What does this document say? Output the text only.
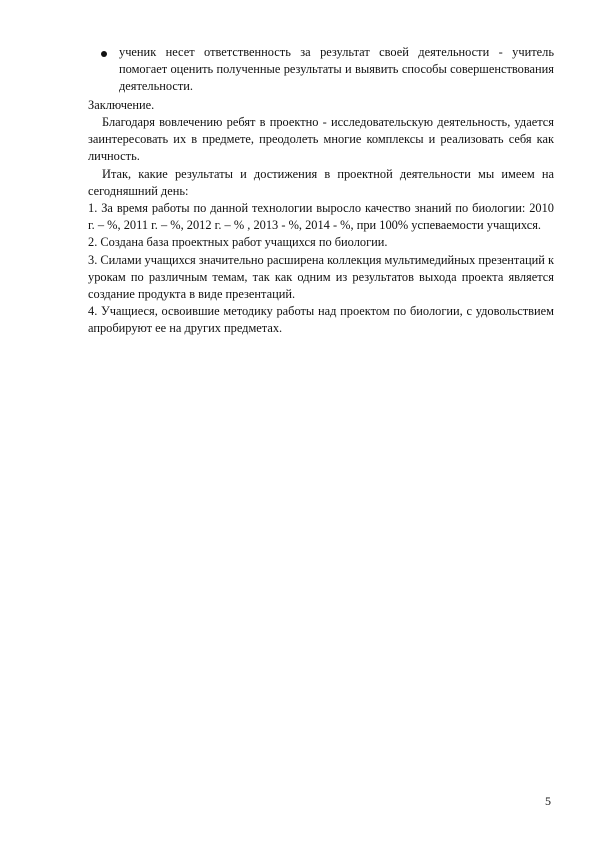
ученик несет ответственность за результат своей деятельности - учитель помогает оценить полученные результаты и выявить способы совершенствования деятельности.
Заключение.

Благодаря вовлечению ребят в проектно - исследовательскую деятельность, удается заинтересовать их в предмете, преодолеть многие комплексы и реализовать себя как личность.

Итак, какие результаты и достижения в проектной деятельности мы имеем на сегодняшний день:

1. За время работы по данной технологии выросло качество знаний по биологии: 2010 г. – %, 2011 г. – %, 2012 г. – % , 2013 - %, 2014 - %, при 100% успеваемости учащихся.

2. Создана база проектных работ учащихся по биологии.

3. Силами учащихся значительно расширена коллекция мультимедийных презентаций к урокам по различным темам, так как одним из результатов выхода проекта является создание продукта в виде презентаций.

4. Учащиеся, освоившие методику работы над проектом по биологии, с удовольствием апробируют ее на других предметах.

5
